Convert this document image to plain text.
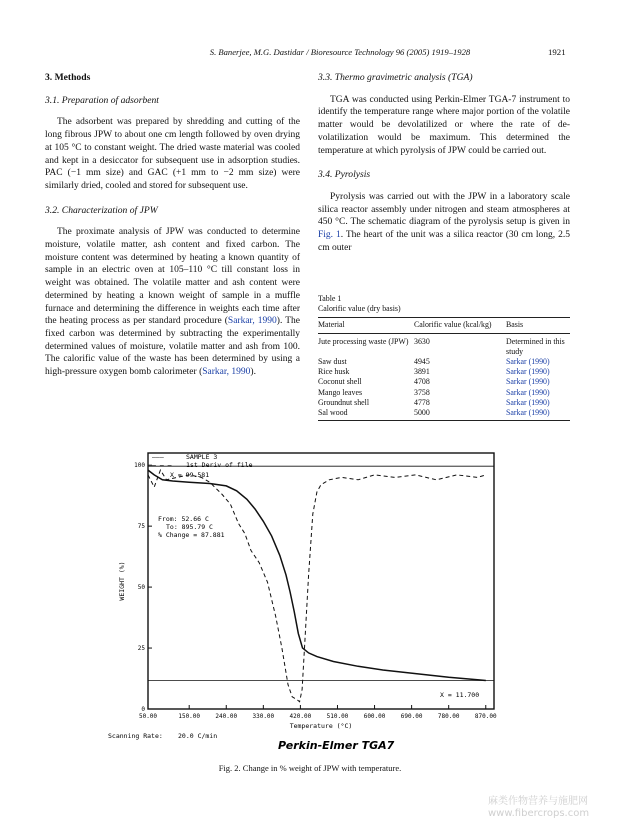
S. Banerjee, M.G. Dastidar / Bioresource Technology 96 (2005) 1919–1928	1921
3. Methods
3.1. Preparation of adsorbent

The adsorbent was prepared by shredding and cutting of the long fibrous JPW to about one cm length followed by oven drying at 105 °C to constant weight. The dried waste material was cooled and kept in a desiccator for subsequent use in adsorption studies. PAC (−1 mm size) and GAC (+1 mm to −2 mm size) were similarly dried, cooled and stored for subsequent use.

3.2. Characterization of JPW

The proximate analysis of JPW was conducted to determine moisture, volatile matter, ash content and fixed carbon. The moisture content was determined by heating a known quantity of sample in an electric oven at 105–110 °C till constant loss in weight was obtained. The volatile matter and ash content were determined by heating a known weight of sample in a muffle furnace and determining the difference in weights each time after the heating process as per standard procedure (Sarkar, 1990). The fixed carbon was determined by subtracting the experimentally determined values of moisture, volatile matter and ash from 100. The calorific value of the waste has been determined by using a high-pressure oxygen bomb calorimeter (Sarkar, 1990).

3.3. Thermo gravimetric analysis (TGA)

TGA was conducted using Perkin-Elmer TGA-7 instrument to identify the temperature range where major portion of the volatile matter would be devolatilized or where the rate of de-volatilization would be maximum. This determined the temperature at which pyrolysis of JPW could be carried out.

3.4. Pyrolysis

Pyrolysis was carried out with the JPW in a laboratory scale silica reactor assembly under nitrogen and steam atmospheres at 450 °C. The schematic diagram of the pyrolysis setup is given in Fig. 1. The heart of the unit was a silica reactor (30 cm long, 2.5 cm outer

Table 1
Calorific value (dry basis)
Material	Calorific value (kcal/kg)	Basis
Jute processing waste (JPW)	3630	Determined in this study
Saw dust	4945	Sarkar (1990)
Rice husk	3891	Sarkar (1990)
Coconut shell	4708	Sarkar (1990)
Mango leaves	3758	Sarkar (1990)
Groundnut shell	4778	Sarkar (1990)
Sal wood	5000	Sarkar (1990)
50.00	150.00	240.00	330.00	420.00	510.00	600.00	690.00	780.00	870.00
0
25
50
75
100
———	SAMPLE 3
— — — 1st Deriv of file
X = 99.581
X = 11.700
From: 52.66 C
To: 895.79 C
% Change = 87.881
WEIGHT (%)
Temperature (°C)
Scanning Rate: 20.0 C/min
Perkin-Elmer TGA7
Fig. 2. Change in % weight of JPW with temperature.
麻类作物营养与施肥网
www.fibercrops.com
